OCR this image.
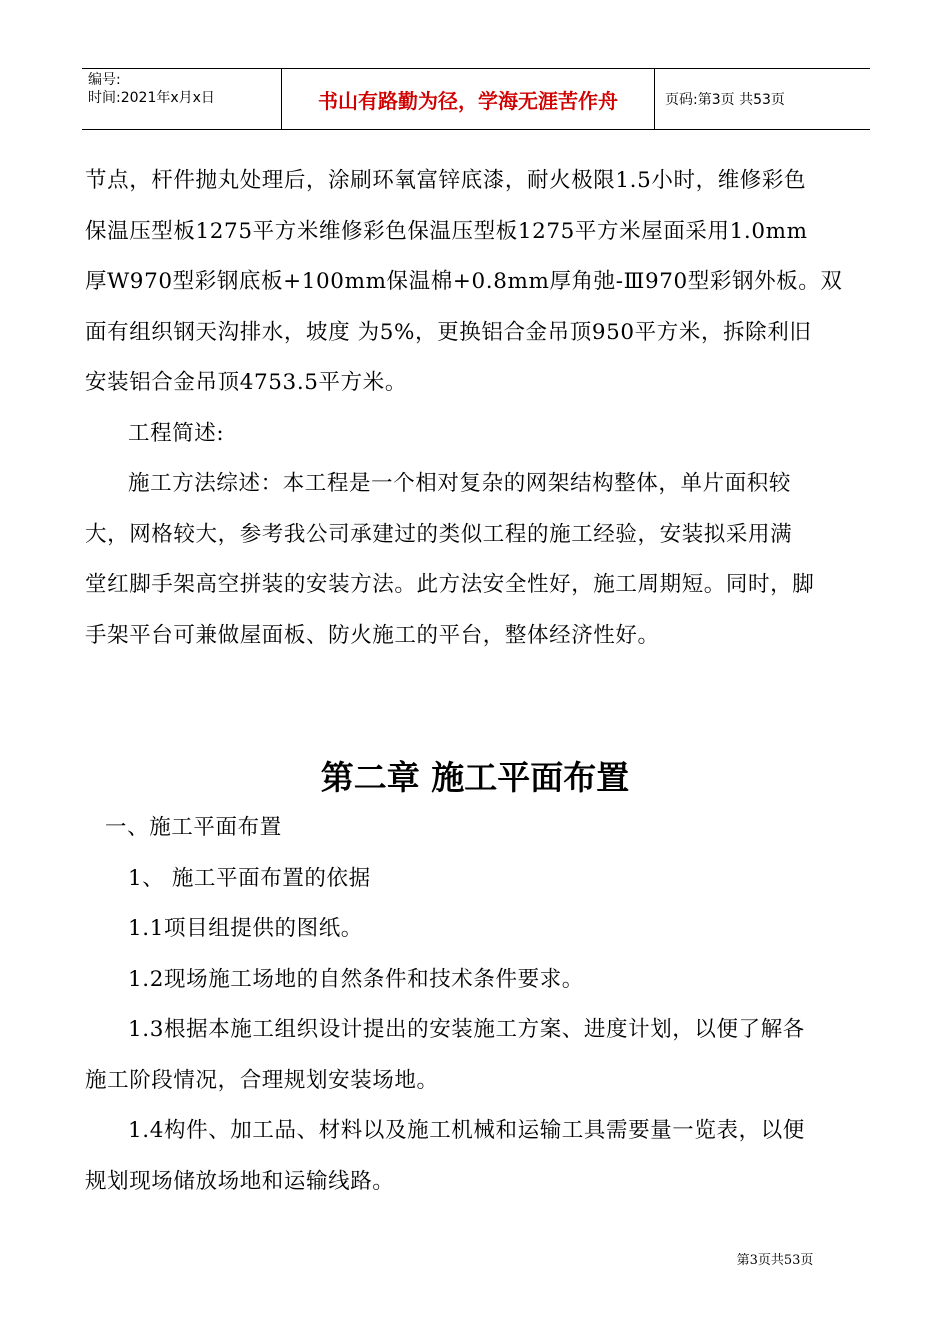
编号:
时间:2021年x月x日	书山有路勤为径，学海无涯苦作舟	页码:第3页 共53页

节点，杆件抛丸处理后，涂刷环氧富锌底漆，耐火极限1.5小时，维修彩色

保温压型板1275平方米维修彩色保温压型板1275平方米屋面采用1.0mm

厚W970型彩钢底板+100mm保温棉+0.8mm厚角弛-Ⅲ970型彩钢外板。双

面有组织钢天沟排水，坡度 为5%，更换铝合金吊顶950平方米，拆除利旧

安装铝合金吊顶4753.5平方米。

工程简述:

施工方法综述：本工程是一个相对复杂的网架结构整体，单片面积较

大，网格较大，参考我公司承建过的类似工程的施工经验，安装拟采用满

堂红脚手架高空拼装的安装方法。此方法安全性好，施工周期短。同时，脚

手架平台可兼做屋面板、防火施工的平台，整体经济性好。

第二章 施工平面布置

一、施工平面布置

1、 施工平面布置的依据

1.1项目组提供的图纸。

1.2现场施工场地的自然条件和技术条件要求。

1.3根据本施工组织设计提出的安装施工方案、进度计划，以便了解各

施工阶段情况，合理规划安装场地。

1.4构件、加工品、材料以及施工机械和运输工具需要量一览表，以便

规划现场储放场地和运输线路。

第3页共53页
